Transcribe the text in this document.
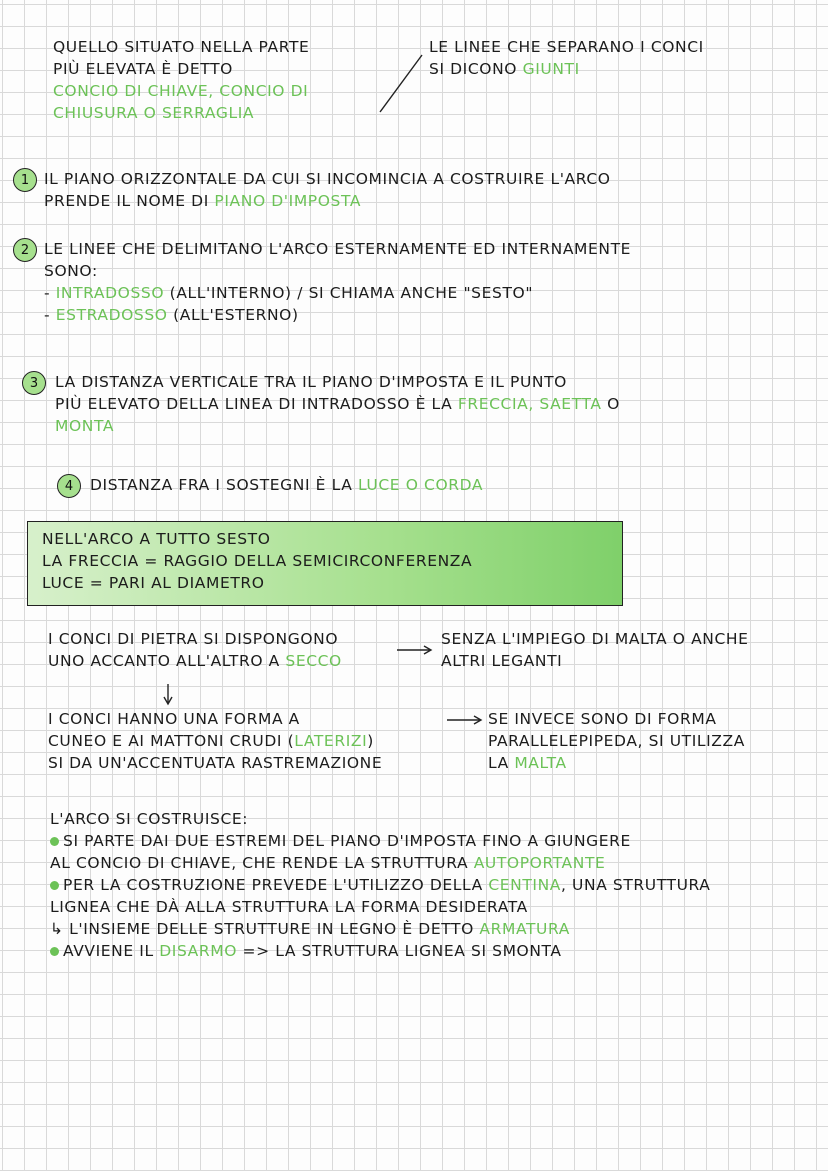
QUELLO SITUATO NELLA PARTE
PIÙ ELEVATA È DETTO
CONCIO DI CHIAVE, CONCIO DI
CHIUSURA O SERRAGLIA
LE LINEE CHE SEPARANO I CONCI
SI DICONO GIUNTI
1 IL PIANO ORIZZONTALE DA CUI SI INCOMINCIA A COSTRUIRE L'ARCO
PRENDE IL NOME DI PIANO D'IMPOSTA
2 LE LINEE CHE DELIMITANO L'ARCO ESTERNAMENTE ED INTERNAMENTE
SONO:
- INTRADOSSO (ALL'INTERNO) / SI CHIAMA ANCHE "SESTO"
- ESTRADOSSO (ALL'ESTERNO)
3	LA DISTANZA VERTICALE TRA IL PIANO D'IMPOSTA E IL PUNTO
PIÙ ELEVATO DELLA LINEA DI INTRADOSSO È LA FRECCIA, SAETTA O
MONTA
4	DISTANZA FRA I SOSTEGNI È LA LUCE O CORDA
NELL'ARCO A TUTTO SESTO
LA FRECCIA = RAGGIO DELLA SEMICIRCONFERENZA
LUCE = PARI AL DIAMETRO
I CONCI DI PIETRA SI DISPONGONO
UNO ACCANTO ALL'ALTRO A SECCO
SENZA L'IMPIEGO DI MALTA O ANCHE
ALTRI LEGANTI
I CONCI HANNO UNA FORMA A
CUNEO E AI MATTONI CRUDI (LATERIZI)
SI DA UN'ACCENTUATA RASTREMAZIONE
SE INVECE SONO DI FORMA
PARALLELEPIPEDA, SI UTILIZZA
LA MALTA
L'ARCO SI COSTRUISCE:
SI PARTE DAI DUE ESTREMI DEL PIANO D'IMPOSTA FINO A GIUNGERE
AL CONCIO DI CHIAVE, CHE RENDE LA STRUTTURA AUTOPORTANTE
PER LA COSTRUZIONE PREVEDE L'UTILIZZO DELLA CENTINA, UNA STRUTTURA
LIGNEA CHE DÀ ALLA STRUTTURA LA FORMA DESIDERATA
↳ L'INSIEME DELLE STRUTTURE IN LEGNO È DETTO ARMATURA
AVVIENE IL DISARMO => LA STRUTTURA LIGNEA SI SMONTA
